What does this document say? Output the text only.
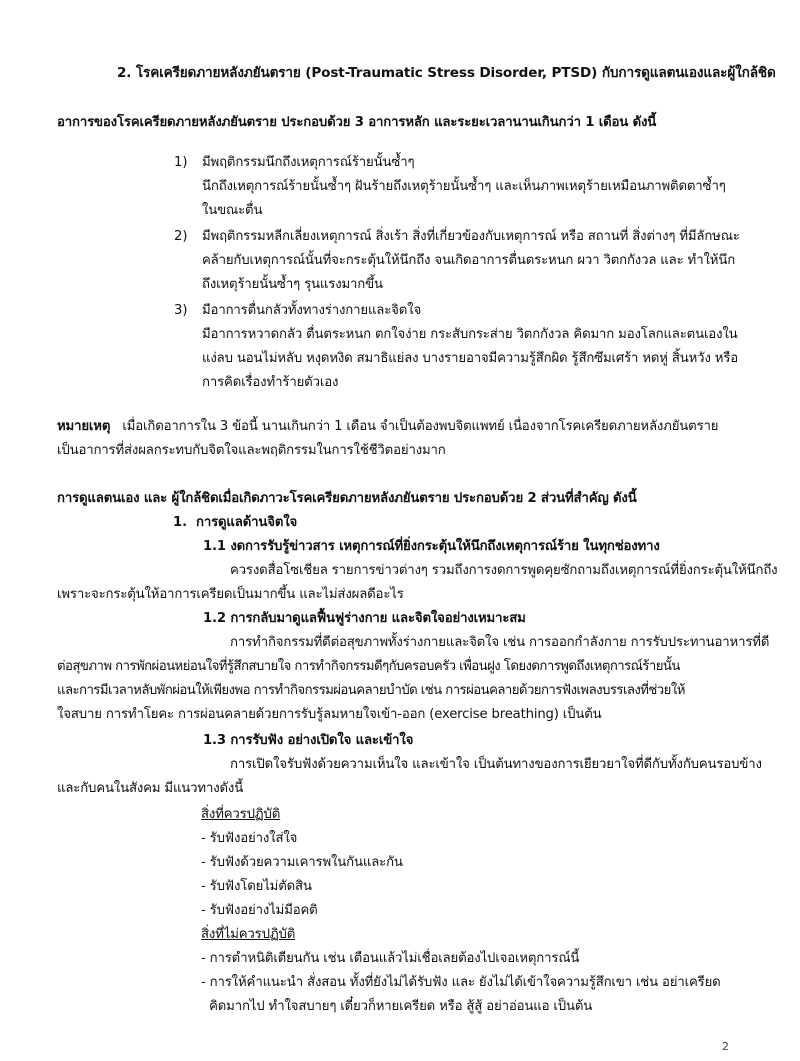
2. โรคเครียดภายหลังภยันตราย (Post-Traumatic Stress Disorder, PTSD) กับการดูแลตนเองและผู้ใกล้ชิด
อาการของโรคเครียดภายหลังภยันตราย ประกอบด้วย 3 อาการหลัก และระยะเวลานานเกินกว่า 1 เดือน ดังนี้
1) มีพฤติกรรมนึกถึงเหตุการณ์ร้ายนั้นซ้ำๆ
นึกถึงเหตุการณ์ร้ายนั้นซ้ำๆ ฝันร้ายถึงเหตุร้ายนั้นซ้ำๆ และเห็นภาพเหตุร้ายเหมือนภาพติดตาซ้ำๆ
ในขณะตื่น
2) มีพฤติกรรมหลีกเลี่ยงเหตุการณ์ สิ่งเร้า สิ่งที่เกี่ยวข้องกับเหตุการณ์ หรือ สถานที่ สิ่งต่างๆ ที่มีลักษณะ
คล้ายกับเหตุการณ์นั้นที่จะกระตุ้นให้นึกถึง จนเกิดอาการตื่นตระหนก ผวา วิตกกังวล และ ทำให้นึก
ถึงเหตุร้ายนั้นซ้ำๆ รุนแรงมากขึ้น
3) มีอาการตื่นกลัวทั้งทางร่างกายและจิตใจ
มีอาการหวาดกลัว ตื่นตระหนก ตกใจง่าย กระสับกระส่าย วิตกกังวล คิดมาก มองโลกและตนเองใน
แง่ลบ นอนไม่หลับ หงุดหงิด สมาธิแย่ลง บางรายอาจมีความรู้สึกผิด รู้สึกซึมเศร้า หดหู่ สิ้นหวัง หรือ
การคิดเรื่องทำร้ายตัวเอง
หมายเหตุ เมื่อเกิดอาการใน 3 ข้อนี้ นานเกินกว่า 1 เดือน จำเป็นต้องพบจิตแพทย์ เนื่องจากโรคเครียดภายหลังภยันตราย
เป็นอาการที่ส่งผลกระทบกับจิตใจและพฤติกรรมในการใช้ชีวิตอย่างมาก
การดูแลตนเอง และ ผู้ใกล้ชิดเมื่อเกิดภาวะโรคเครียดภายหลังภยันตราย ประกอบด้วย 2 ส่วนที่สำคัญ ดังนี้
1. การดูแลด้านจิตใจ
1.1 งดการรับรู้ข่าวสาร เหตุการณ์ที่ยิ่งกระตุ้นให้นึกถึงเหตุการณ์ร้าย ในทุกช่องทาง
ควรงดสื่อโซเชียล รายการข่าวต่างๆ รวมถึงการงดการพูดคุยซักถามถึงเหตุการณ์ที่ยิ่งกระตุ้นให้นึกถึง
เพราะจะกระตุ้นให้อาการเครียดเป็นมากขึ้น และไม่ส่งผลดีอะไร
1.2 การกลับมาดูแลฟื้นฟูร่างกาย และจิตใจอย่างเหมาะสม
การทำกิจกรรมที่ดีต่อสุขภาพทั้งร่างกายและจิตใจ เช่น การออกกำลังกาย การรับประทานอาหารที่ดี
ต่อสุขภาพ การพักผ่อนหย่อนใจที่รู้สึกสบายใจ การทำกิจกรรมดีๆกับครอบครัว เพื่อนฝูง โดยงดการพูดถึงเหตุการณ์ร้ายนั้น
และการมีเวลาหลับพักผ่อนให้เพียงพอ การทำกิจกรรมผ่อนคลายบำบัด เช่น การผ่อนคลายด้วยการฟังเพลงบรรเลงที่ช่วยให้
ใจสบาย การทำโยคะ การผ่อนคลายด้วยการรับรู้ลมหายใจเข้า-ออก (exercise breathing) เป็นต้น
1.3 การรับฟัง อย่างเปิดใจ และเข้าใจ
การเปิดใจรับฟังด้วยความเห็นใจ และเข้าใจ เป็นต้นทางของการเยียวยาใจที่ดีกับทั้งกับคนรอบข้าง
และกับคนในสังคม มีแนวทางดังนี้
สิ่งที่ควรปฏิบัติ
- รับฟังอย่างใส่ใจ
- รับฟังด้วยความเคารพในกันและกัน
- รับฟังโดยไม่ตัดสิน
- รับฟังอย่างไม่มีอคติ
สิ่งที่ไม่ควรปฏิบัติ
- การตำหนิติเตียนกัน เช่น เตือนแล้วไม่เชื่อเลยต้องไปเจอเหตุการณ์นี้
- การให้คำแนะนำ สั่งสอน ทั้งที่ยังไม่ได้รับฟัง และ ยังไม่ได้เข้าใจความรู้สึกเขา เช่น อย่าเครียด
คิดมากไป ทำใจสบายๆ เดี๋ยวก็หายเครียด หรือ สู้สู้ อย่าอ่อนแอ เป็นต้น
2
